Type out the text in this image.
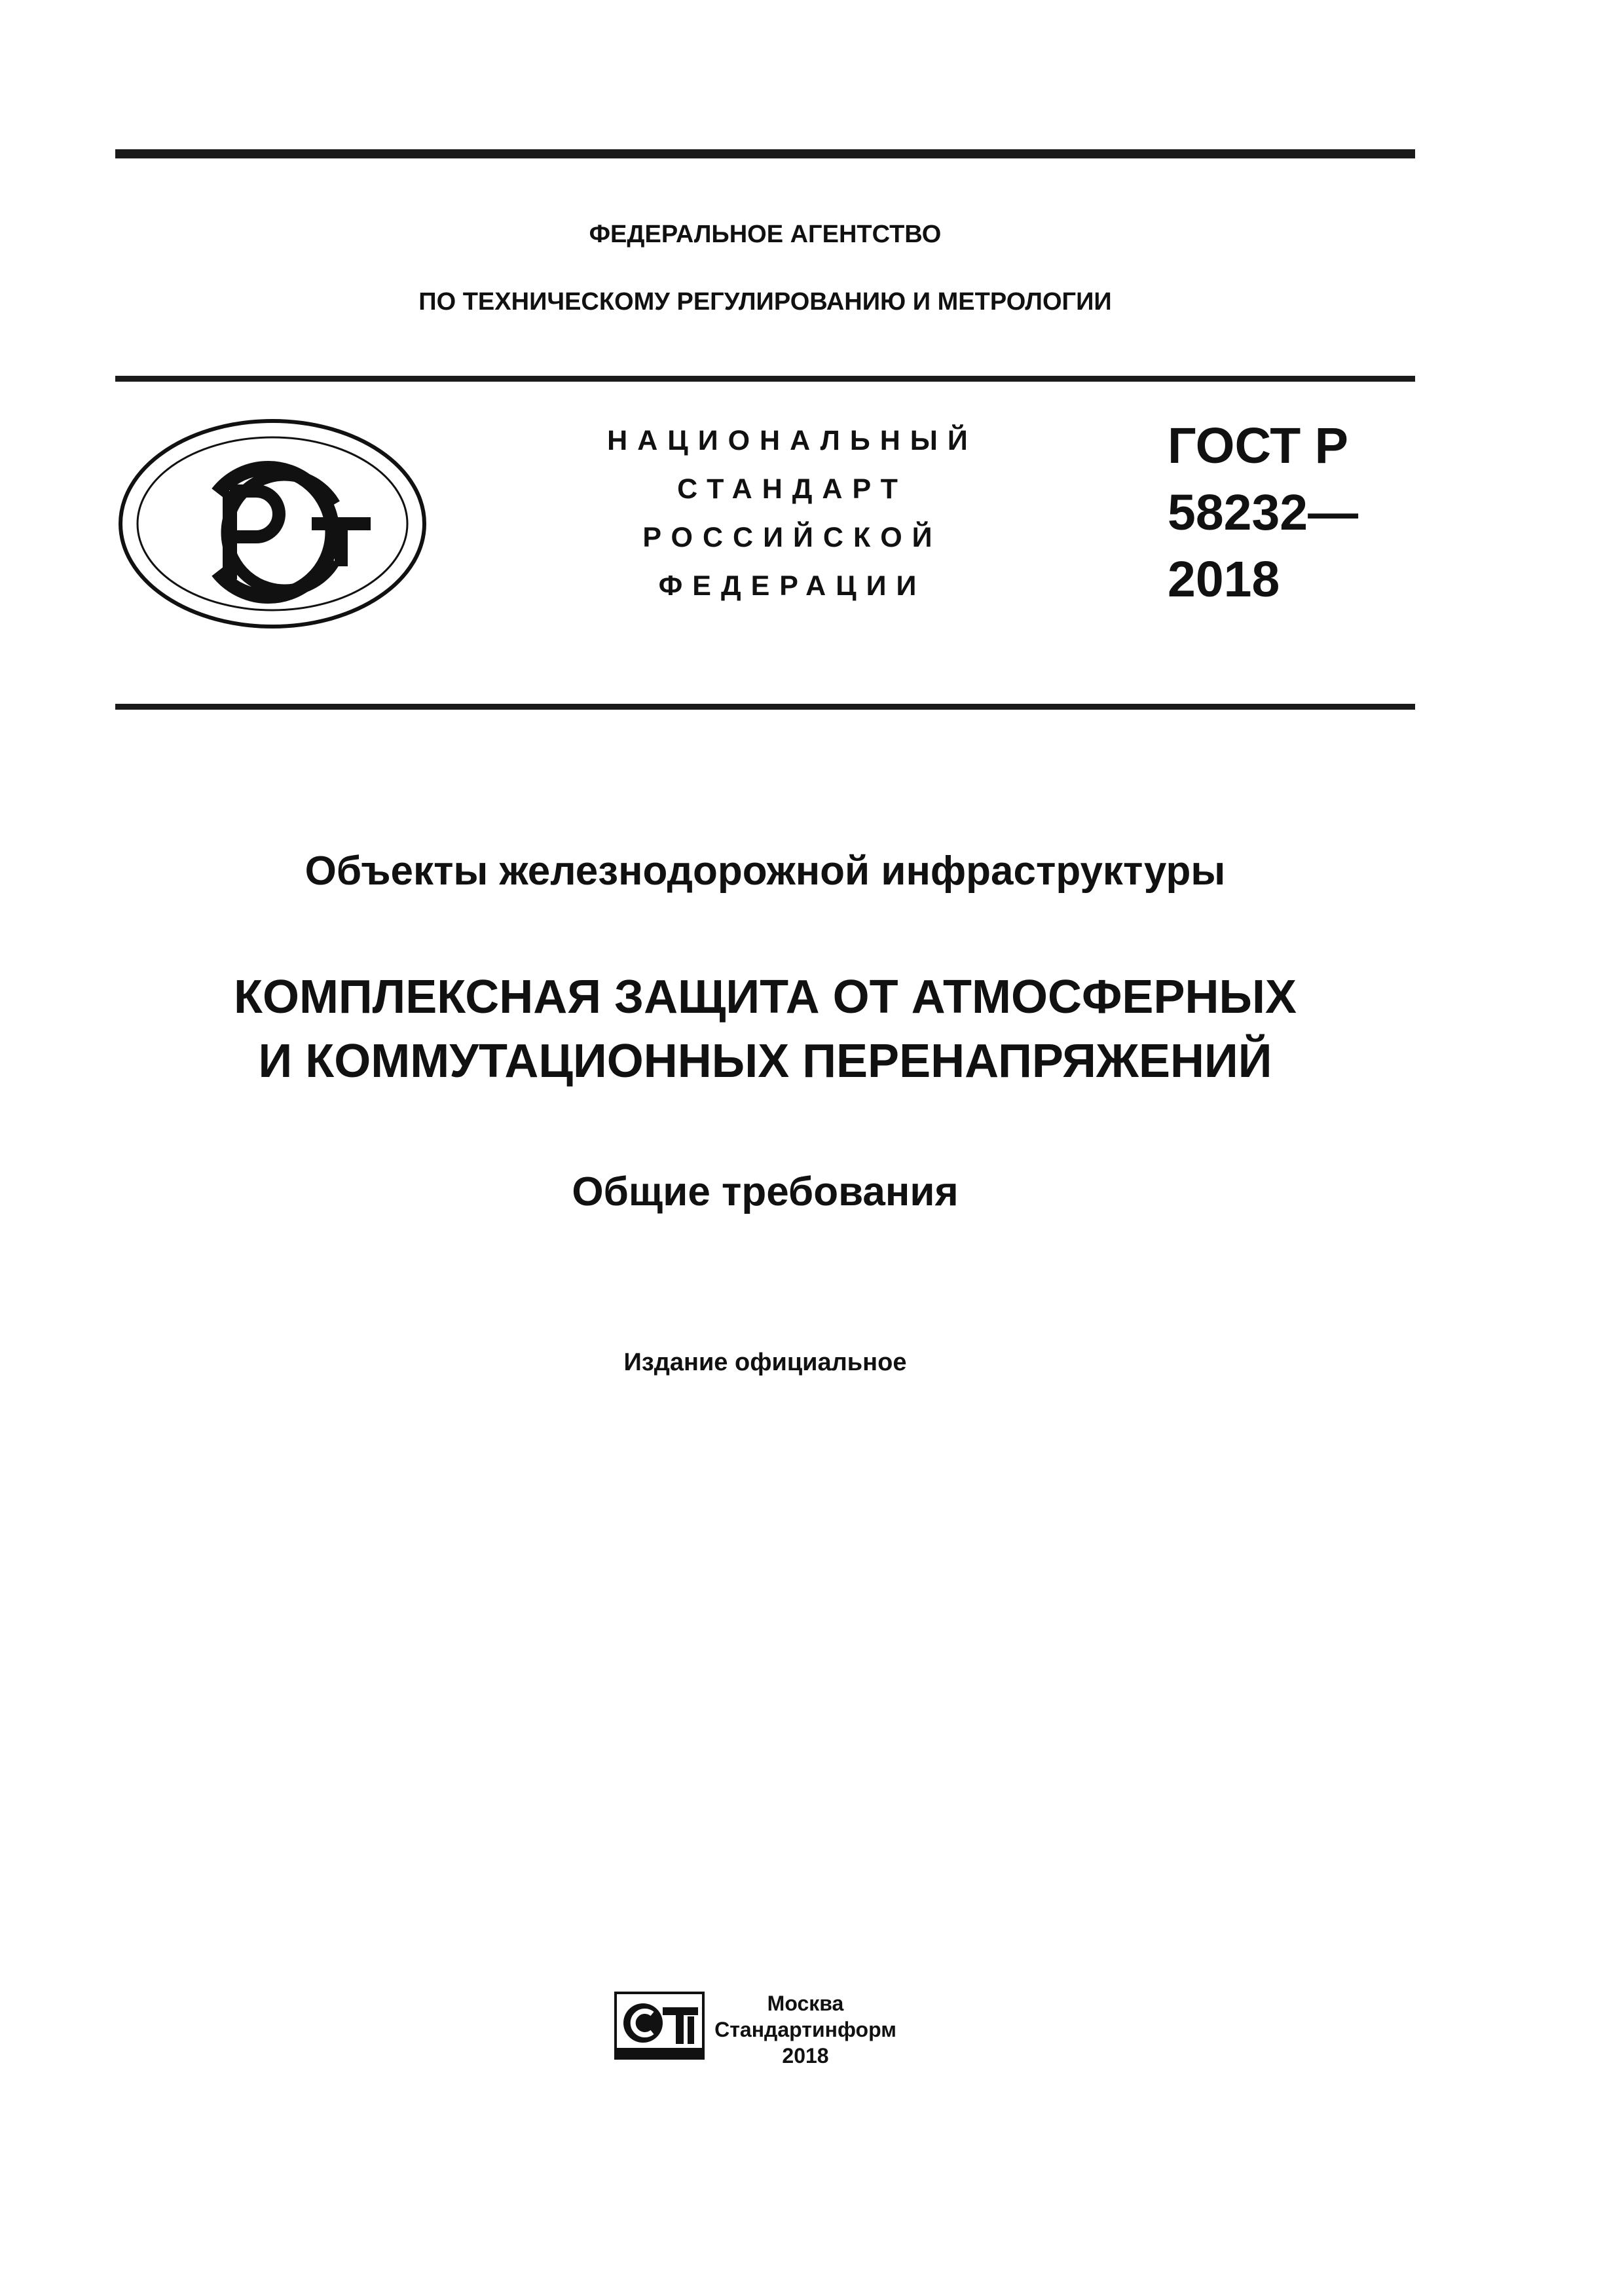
ФЕДЕРАЛЬНОЕ АГЕНТСТВО
ПО ТЕХНИЧЕСКОМУ РЕГУЛИРОВАНИЮ И МЕТРОЛОГИИ
НАЦИОНАЛЬНЫЙ
СТАНДАРТ
РОССИЙСКОЙ
ФЕДЕРАЦИИ
ГОСТ Р
58232—
2018
Объекты железнодорожной инфраструктуры
КОМПЛЕКСНАЯ ЗАЩИТА ОТ АТМОСФЕРНЫХ
И КОММУТАЦИОННЫХ ПЕРЕНАПРЯЖЕНИЙ
Общие требования
Издание официальное
Москва
Стандартинформ
2018
